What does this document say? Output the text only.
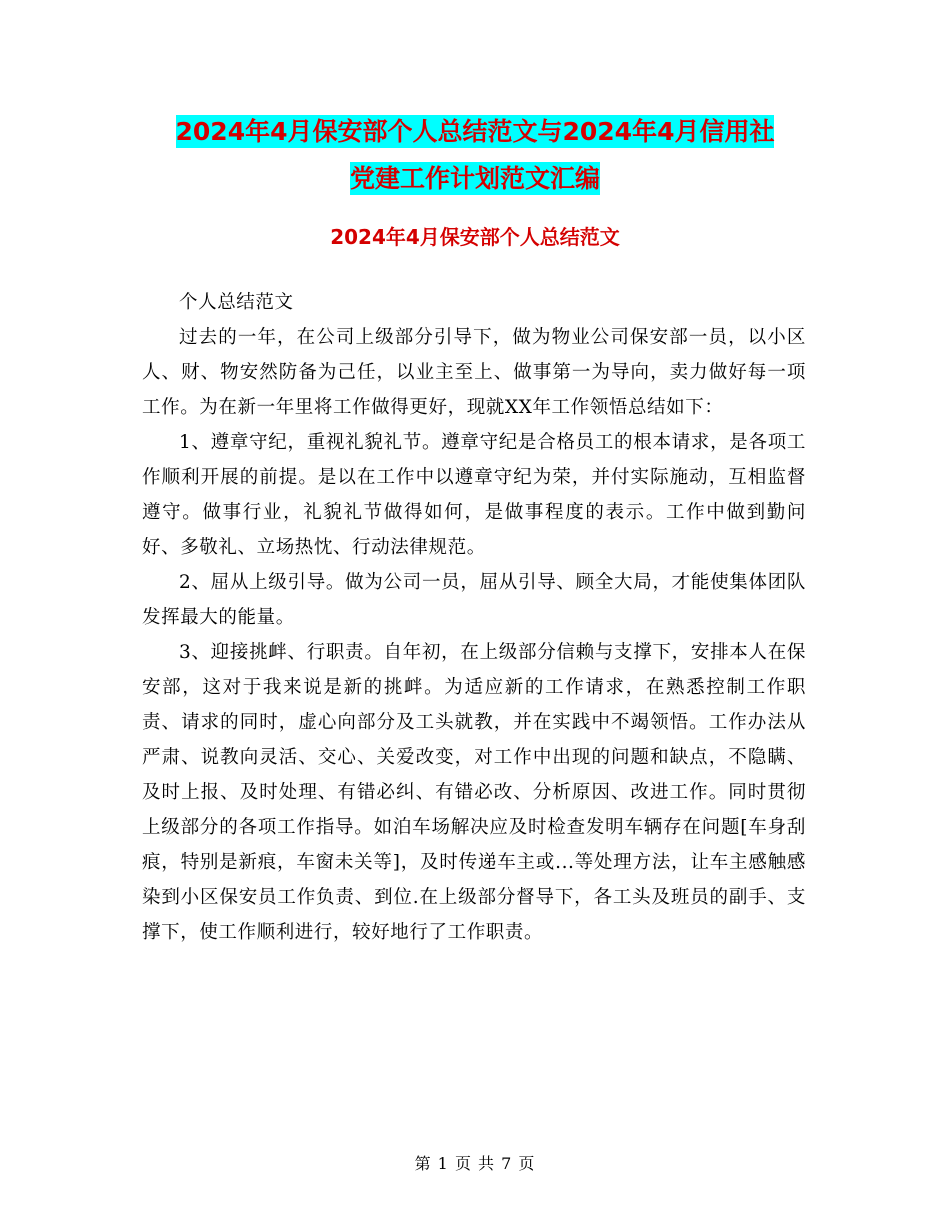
2024年4月保安部个人总结范文与2024年4月信用社
党建工作计划范文汇编
2024年4月保安部个人总结范文

个人总结范文

过去的一年，在公司上级部分引导下，做为物业公司保安部一员，以小区人、财、物安然防备为己任，以业主至上、做事第一为导向，卖力做好每一项工作。为在新一年里将工作做得更好，现就XX年工作领悟总结如下：

1、遵章守纪，重视礼貌礼节。遵章守纪是合格员工的根本请求，是各项工作顺利开展的前提。是以在工作中以遵章守纪为荣，并付实际施动，互相监督遵守。做事行业，礼貌礼节做得如何，是做事程度的表示。工作中做到勤问好、多敬礼、立场热忱、行动法律规范。

2、屈从上级引导。做为公司一员，屈从引导、顾全大局，才能使集体团队发挥最大的能量。

3、迎接挑衅、行职责。自年初，在上级部分信赖与支撑下，安排本人在保安部，这对于我来说是新的挑衅。为适应新的工作请求，在熟悉控制工作职责、请求的同时，虚心向部分及工头就教，并在实践中不竭领悟。工作办法从严肃、说教向灵活、交心、关爱改变，对工作中出现的问题和缺点，不隐瞒、及时上报、及时处理、有错必纠、有错必改、分析原因、改进工作。同时贯彻上级部分的各项工作指导。如泊车场解决应及时检查发明车辆存在问题[车身刮痕，特别是新痕，车窗未关等]，及时传递车主或...等处理方法，让车主感触感染到小区保安员工作负责、到位.在上级部分督导下，各工头及班员的副手、支撑下，使工作顺利进行，较好地行了工作职责。

第 1 页 共 7 页
